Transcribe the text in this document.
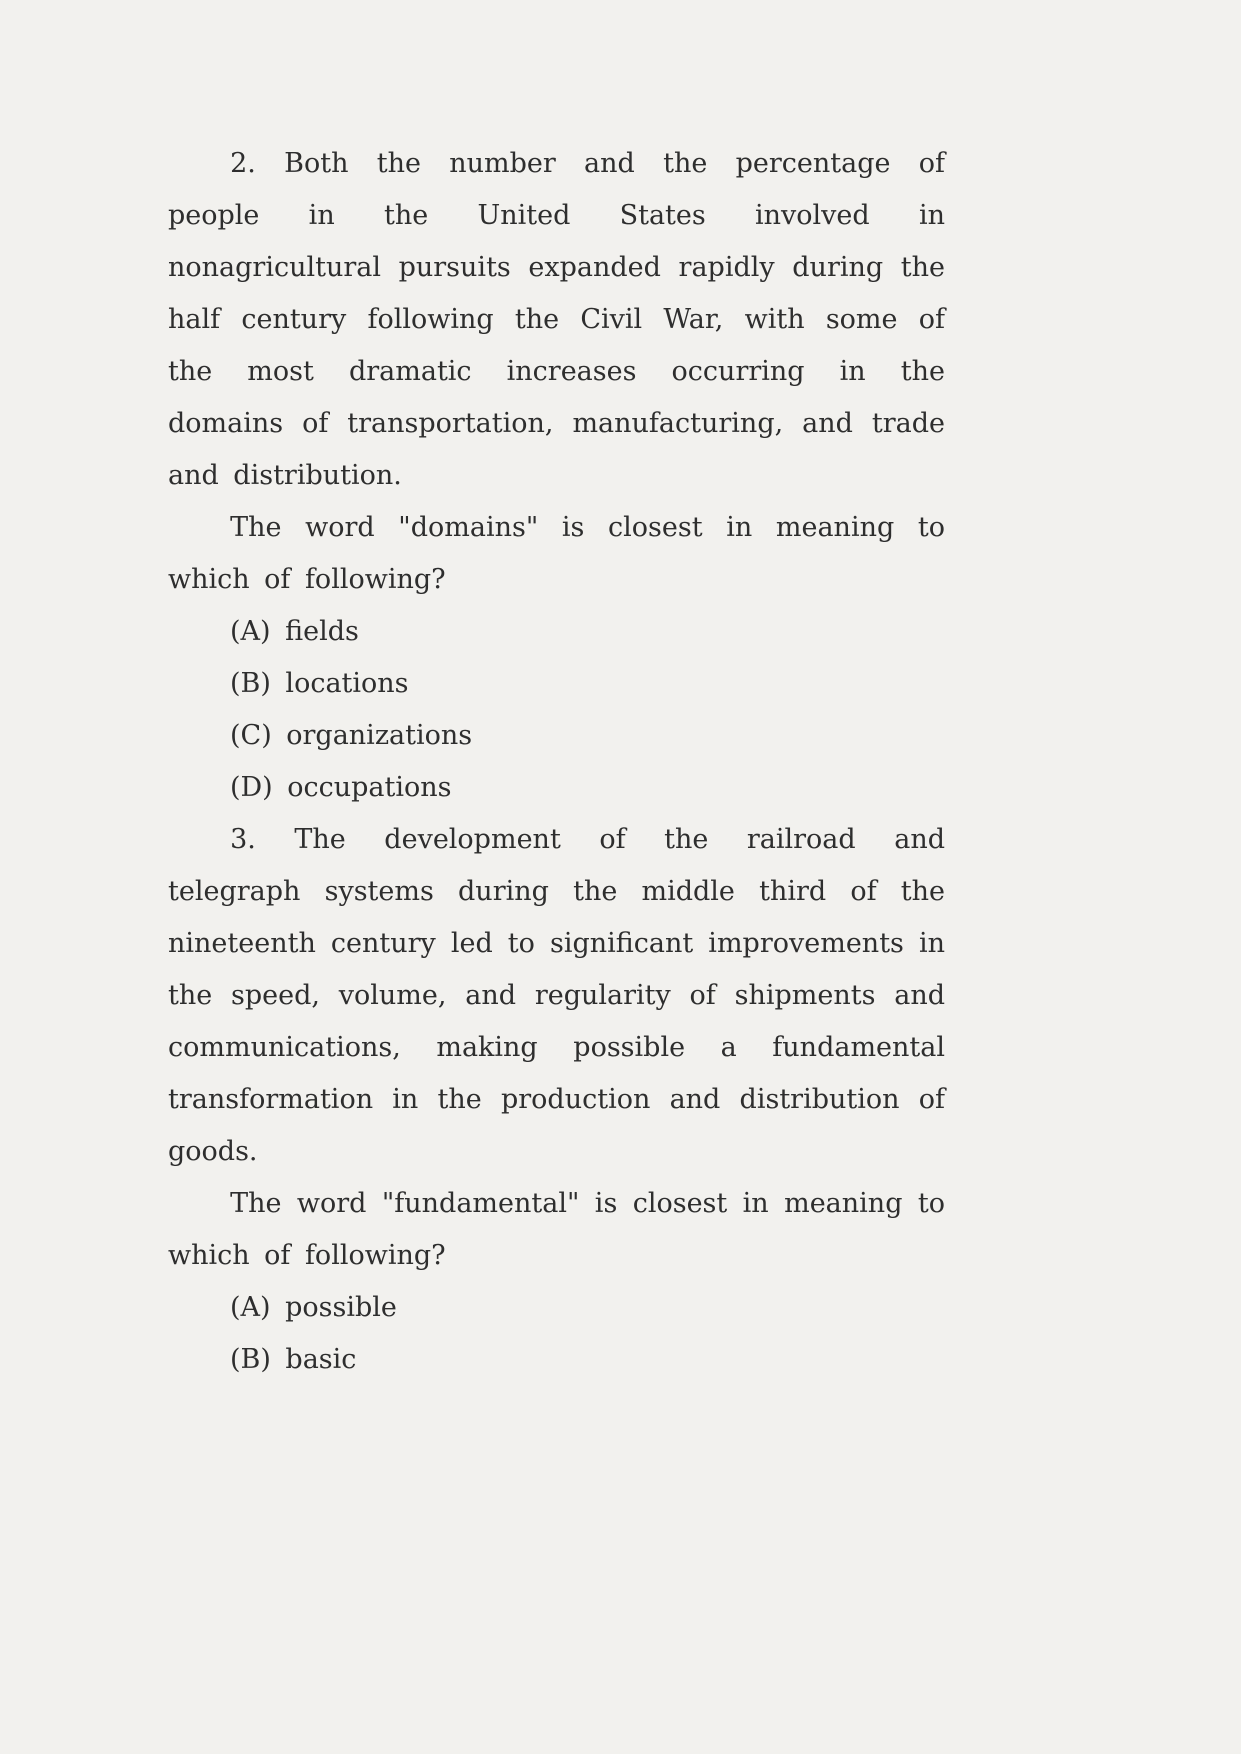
2. Both the number and the percentage of people in the United States involved in nonagricultural pursuits expanded rapidly during the half century following the Civil War, with some of the most dramatic increases occurring in the domains of transportation, manufacturing, and trade and distribution.

The word "domains" is closest in meaning to which of following?

(A) fields

(B) locations

(C) organizations

(D) occupations

3. The development of the railroad and telegraph systems during the middle third of the nineteenth century led to significant improvements in the speed, volume, and regularity of shipments and communications, making possible a fundamental transformation in the production and distribution of goods.

The word "fundamental" is closest in meaning to which of following?

(A) possible

(B) basic
